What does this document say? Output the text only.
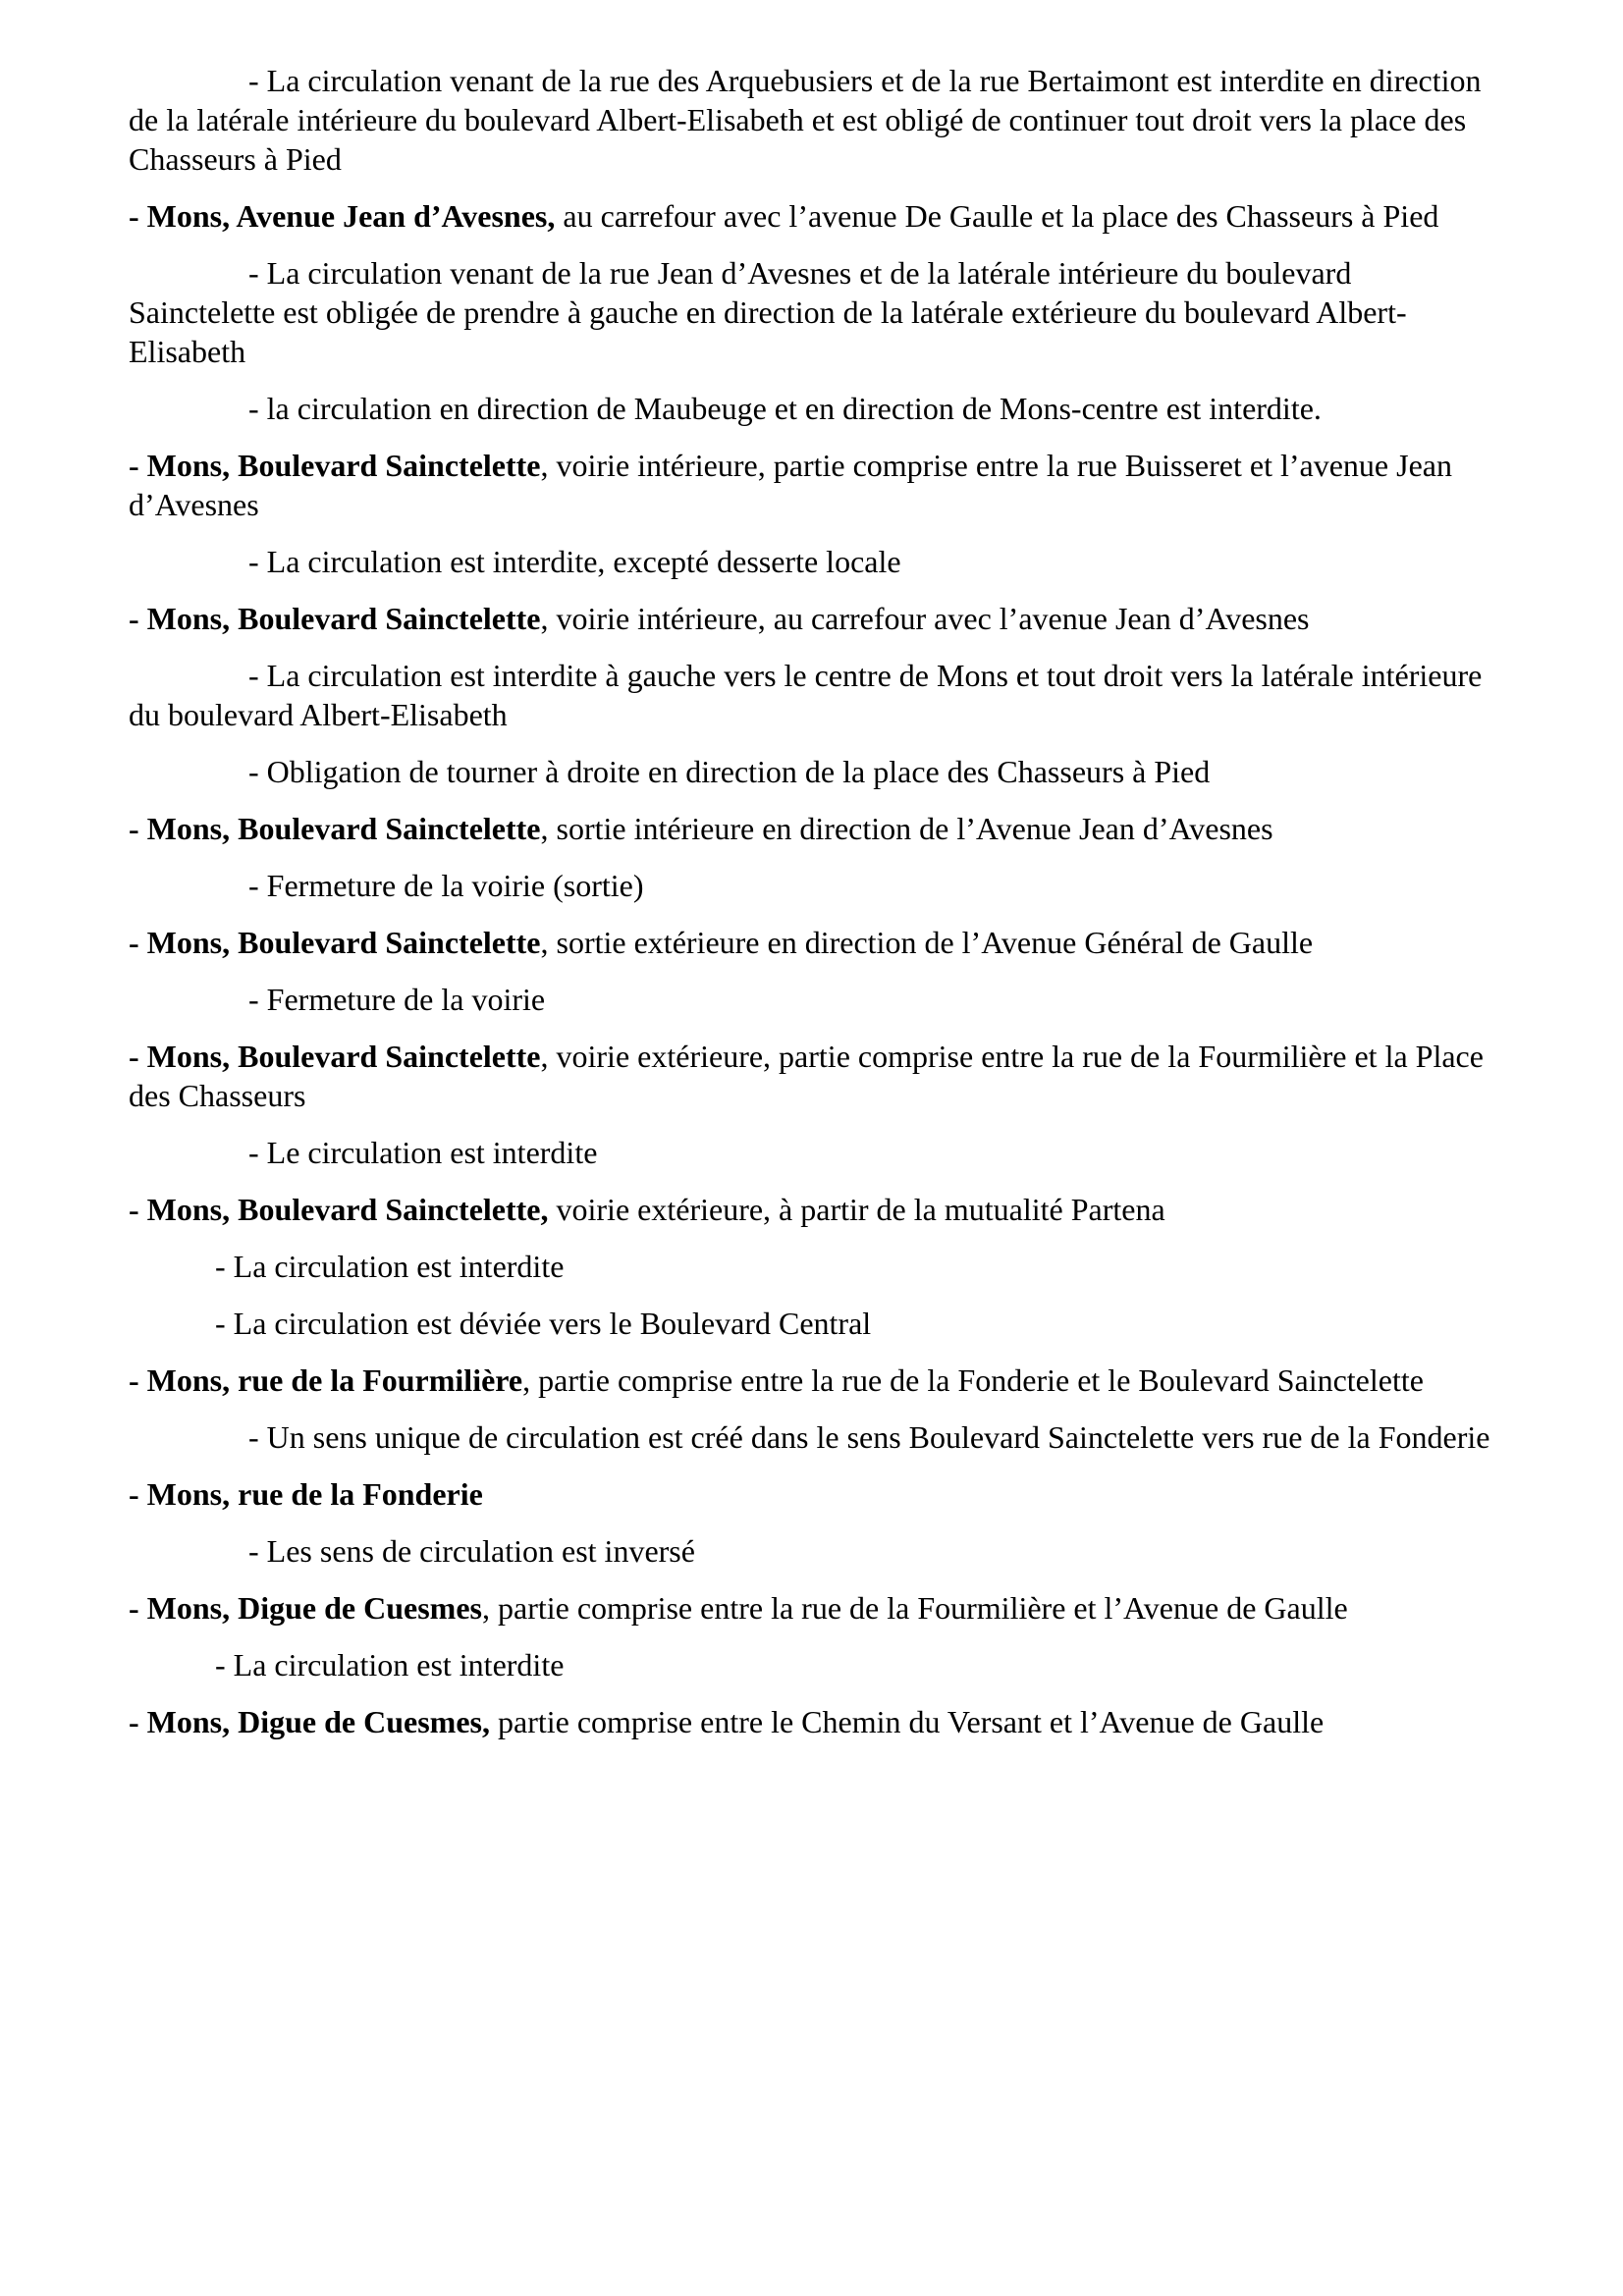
- La circulation venant de la rue des Arquebusiers et de la rue Bertaimont est interdite en direction de la latérale intérieure du boulevard Albert-Elisabeth et est obligé de continuer tout droit vers la place des Chasseurs à Pied

- Mons, Avenue Jean d’Avesnes, au carrefour avec l’avenue De Gaulle et la place des Chasseurs à Pied

- La circulation venant de la rue Jean d’Avesnes et de la latérale intérieure du boulevard Sainctelette est obligée de prendre à gauche en direction de la latérale extérieure du boulevard Albert-Elisabeth

- la circulation en direction de Maubeuge et en direction de Mons-centre est interdite.

- Mons, Boulevard Sainctelette, voirie intérieure, partie comprise entre la rue Buisseret et l’avenue Jean d’Avesnes

- La circulation est interdite, excepté desserte locale

- Mons, Boulevard Sainctelette, voirie intérieure, au carrefour avec l’avenue Jean d’Avesnes

- La circulation est interdite à gauche vers le centre de Mons et tout droit vers la latérale intérieure du boulevard Albert-Elisabeth

- Obligation de tourner à droite en direction de la place des Chasseurs à Pied

- Mons, Boulevard Sainctelette, sortie intérieure en direction de l’Avenue Jean d’Avesnes

- Fermeture de la voirie (sortie)

- Mons, Boulevard Sainctelette, sortie extérieure en direction de l’Avenue Général de Gaulle

- Fermeture de la voirie

- Mons, Boulevard Sainctelette, voirie extérieure, partie comprise entre la rue de la Fourmilière et la Place des Chasseurs

- Le circulation est interdite

- Mons, Boulevard Sainctelette, voirie extérieure, à partir de la mutualité Partena

- La circulation est interdite

- La circulation est déviée vers le Boulevard Central

- Mons, rue de la Fourmilière, partie comprise entre la rue de la Fonderie et le Boulevard Sainctelette

- Un sens unique de circulation est créé dans le sens Boulevard Sainctelette vers rue de la Fonderie

- Mons, rue de la Fonderie

- Les sens de circulation est inversé

- Mons, Digue de Cuesmes, partie comprise entre la rue de la Fourmilière et l’Avenue de Gaulle

- La circulation est interdite

- Mons, Digue de Cuesmes, partie comprise entre le Chemin du Versant et l’Avenue de Gaulle
